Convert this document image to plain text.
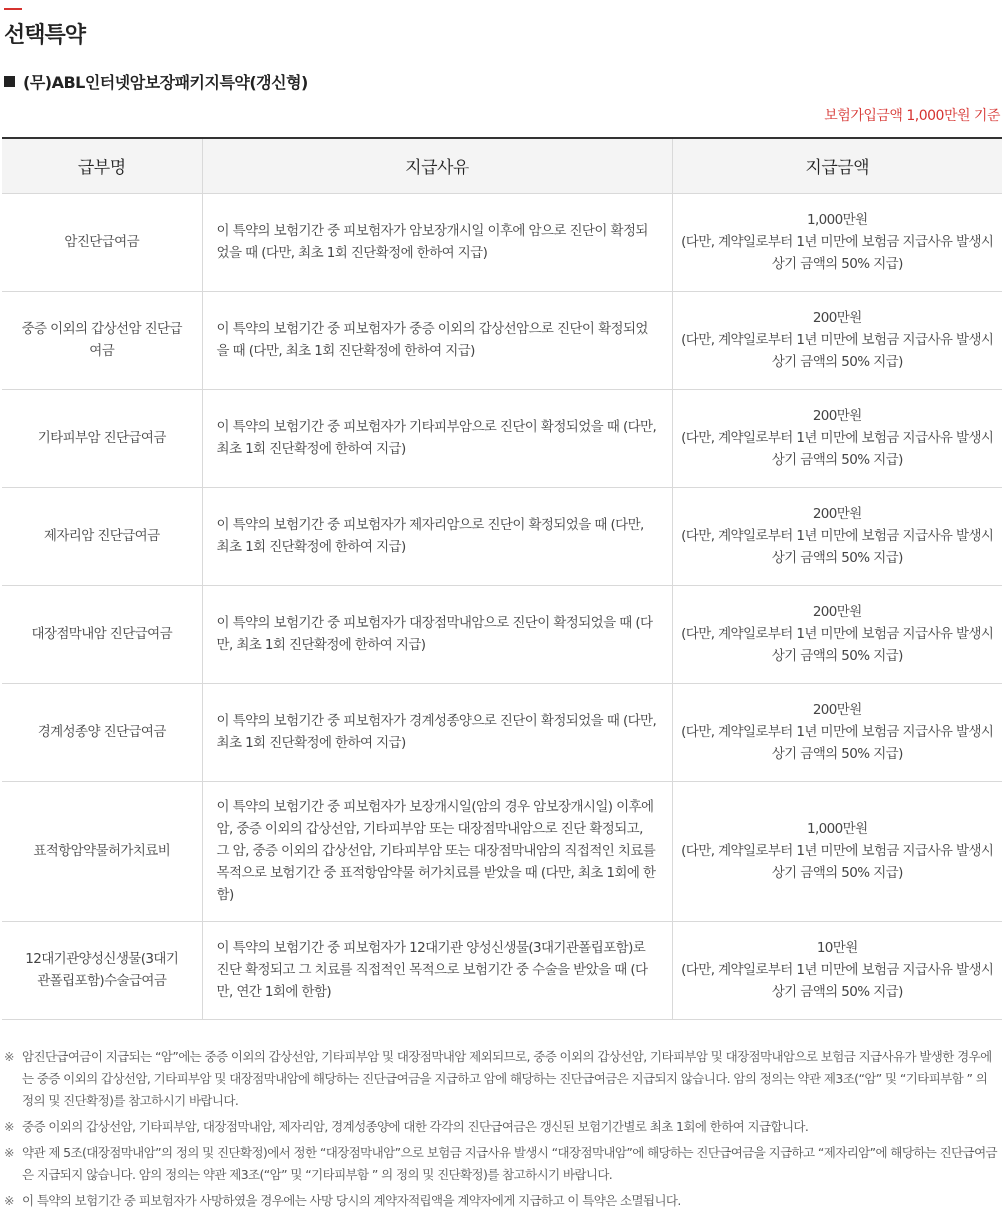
선택특약
(무)ABL인터넷암보장패키지특약(갱신형)
보험가입금액 1,000만원 기준
급부명	지급사유	지급금액
암진단급여금	이 특약의 보험기간 중 피보험자가 암보장개시일 이후에 암으로 진단이 확정되었을 때 (다만, 최초 1회 진단확정에 한하여 지급)	1,000만원
(다만, 계약일로부터 1년 미만에 보험금 지급사유 발생시 상기 금액의 50% 지급)

중증 이외의 갑상선암 진단급여금	이 특약의 보험기간 중 피보험자가 중증 이외의 갑상선암으로 진단이 확정되었을 때 (다만, 최초 1회 진단확정에 한하여 지급)	200만원
(다만, 계약일로부터 1년 미만에 보험금 지급사유 발생시 상기 금액의 50% 지급)

기타피부암 진단급여금	이 특약의 보험기간 중 피보험자가 기타피부암으로 진단이 확정되었을 때 (다만, 최초 1회 진단확정에 한하여 지급)	200만원
(다만, 계약일로부터 1년 미만에 보험금 지급사유 발생시 상기 금액의 50% 지급)

제자리암 진단급여금	이 특약의 보험기간 중 피보험자가 제자리암으로 진단이 확정되었을 때 (다만, 최초 1회 진단확정에 한하여 지급)	200만원
(다만, 계약일로부터 1년 미만에 보험금 지급사유 발생시 상기 금액의 50% 지급)

대장점막내암 진단급여금	이 특약의 보험기간 중 피보험자가 대장점막내암으로 진단이 확정되었을 때 (다만, 최초 1회 진단확정에 한하여 지급)	200만원
(다만, 계약일로부터 1년 미만에 보험금 지급사유 발생시 상기 금액의 50% 지급)

경계성종양 진단급여금	이 특약의 보험기간 중 피보험자가 경계성종양으로 진단이 확정되었을 때 (다만, 최초 1회 진단확정에 한하여 지급)	200만원
(다만, 계약일로부터 1년 미만에 보험금 지급사유 발생시 상기 금액의 50% 지급)

표적항암약물허가치료비	이 특약의 보험기간 중 피보험자가 보장개시일(암의 경우 암보장개시일) 이후에 암, 중증 이외의 갑상선암, 기타피부암 또는 대장점막내암으로 진단 확정되고, 그 암, 중증 이외의 갑상선암, 기타피부암 또는 대장점막내암의 직접적인 치료를 목적으로 보험기간 중 표적항암약물 허가치료를 받았을 때 (다만, 최초 1회에 한함)	1,000만원
(다만, 계약일로부터 1년 미만에 보험금 지급사유 발생시 상기 금액의 50% 지급)

12대기관양성신생물(3대기관폴립포함)수술급여금	이 특약의 보험기간 중 피보험자가 12대기관 양성신생물(3대기관폴립포함)로 진단 확정되고 그 치료를 직접적인 목적으로 보험기간 중 수술을 받았을 때 (다만, 연간 1회에 한함)	10만원
(다만, 계약일로부터 1년 미만에 보험금 지급사유 발생시 상기 금액의 50% 지급)
※ 암진단급여금이 지급되는 “암”에는 중증 이외의 갑상선암, 기타피부암 및 대장점막내암 제외되므로, 중증 이외의 갑상선암, 기타피부암 및 대장점막내암으로 보험금 지급사유가 발생한 경우에는 중증 이외의 갑상선암, 기타피부암 및 대장점막내암에 해당하는 진단급여금을 지급하고 암에 해당하는 진단급여금은 지급되지 않습니다. 암의 정의는 약관 제3조(“암” 및 “기타피부함 ” 의 정의 및 진단확정)를 참고하시기 바랍니다.
※ 중증 이외의 갑상선암, 기타피부암, 대장점막내암, 제자리암, 경계성종양에 대한 각각의 진단급여금은 갱신된 보험기간별로 최초 1회에 한하여 지급합니다.
※ 약관 제 5조(대장점막내암”의 정의 및 진단확정)에서 정한 “대장점막내암”으로 보험금 지급사유 발생시 “대장점막내암”에 해당하는 진단급여금을 지급하고 “제자리암”에 해당하는 진단급여금은 지급되지 않습니다. 암의 정의는 약관 제3조(“암” 및 “기타피부함 ” 의 정의 및 진단확정)를 참고하시기 바랍니다.
※ 이 특약의 보험기간 중 피보험자가 사망하였을 경우에는 사망 당시의 계약자적립액을 계약자에게 지급하고 이 특약은 소멸됩니다.
